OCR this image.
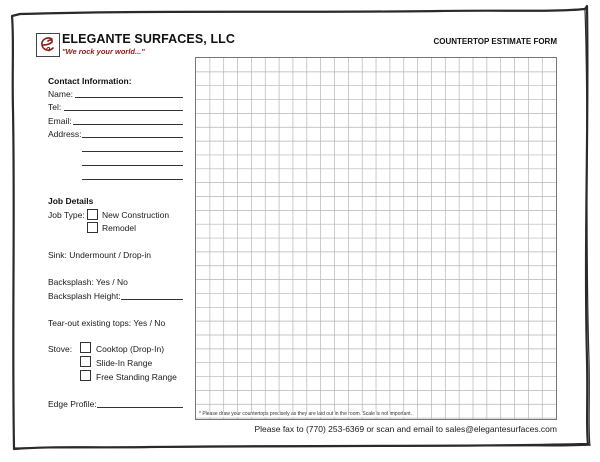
ELEGANTE SURFACES, LLC
"We rock your world..."
COUNTERTOP ESTIMATE FORM
Contact Information:
Name:
Tel:
Email:
Address:
Job Details
Job Type: New Construction
Remodel
Sink: Undermount / Drop-in
Backsplash: Yes / No
Backsplash Height:
Tear-out existing tops: Yes / No
Stove:	Cooktop (Drop-In)
Slide-In Range
Free Standing Range
Edge Profile:
* Please draw your countertops precisely as they are laid out in the room. Scale is not important.
Please fax to (770) 253-6369 or scan and email to sales@elegantesurfaces.com
